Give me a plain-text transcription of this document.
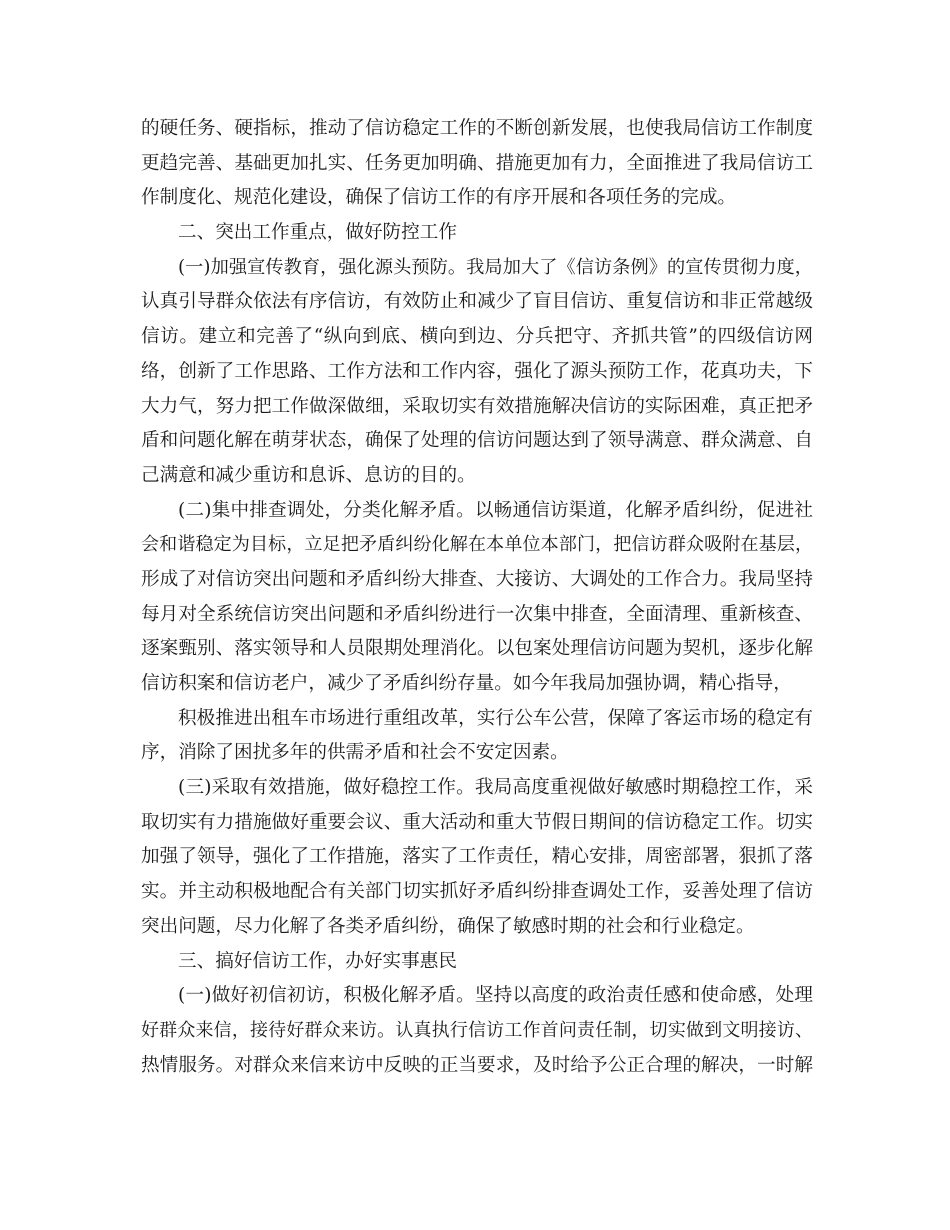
的硬任务、硬指标，推动了信访稳定工作的不断创新发展，也使我局信访工作制度
更趋完善、基础更加扎实、任务更加明确、措施更加有力，全面推进了我局信访工
作制度化、规范化建设，确保了信访工作的有序开展和各项任务的完成。
二、突出工作重点，做好防控工作
(一)加强宣传教育，强化源头预防。我局加大了《信访条例》的宣传贯彻力度，
认真引导群众依法有序信访，有效防止和减少了盲目信访、重复信访和非正常越级
信访。建立和完善了“纵向到底、横向到边、分兵把守、齐抓共管”的四级信访网
络，创新了工作思路、工作方法和工作内容，强化了源头预防工作，花真功夫，下
大力气，努力把工作做深做细，采取切实有效措施解决信访的实际困难，真正把矛
盾和问题化解在萌芽状态，确保了处理的信访问题达到了领导满意、群众满意、自
己满意和减少重访和息诉、息访的目的。
(二)集中排查调处，分类化解矛盾。以畅通信访渠道，化解矛盾纠纷，促进社
会和谐稳定为目标，立足把矛盾纠纷化解在本单位本部门，把信访群众吸附在基层，
形成了对信访突出问题和矛盾纠纷大排查、大接访、大调处的工作合力。我局坚持
每月对全系统信访突出问题和矛盾纠纷进行一次集中排查，全面清理、重新核查、
逐案甄别、落实领导和人员限期处理消化。以包案处理信访问题为契机，逐步化解
信访积案和信访老户，减少了矛盾纠纷存量。如今年我局加强协调，精心指导，
积极推进出租车市场进行重组改革，实行公车公营，保障了客运市场的稳定有
序，消除了困扰多年的供需矛盾和社会不安定因素。
(三)采取有效措施，做好稳控工作。我局高度重视做好敏感时期稳控工作，采
取切实有力措施做好重要会议、重大活动和重大节假日期间的信访稳定工作。切实
加强了领导，强化了工作措施，落实了工作责任，精心安排，周密部署，狠抓了落
实。并主动积极地配合有关部门切实抓好矛盾纠纷排查调处工作，妥善处理了信访
突出问题，尽力化解了各类矛盾纠纷，确保了敏感时期的社会和行业稳定。
三、搞好信访工作，办好实事惠民
(一)做好初信初访，积极化解矛盾。坚持以高度的政治责任感和使命感，处理
好群众来信，接待好群众来访。认真执行信访工作首问责任制，切实做到文明接访、
热情服务。对群众来信来访中反映的正当要求，及时给予公正合理的解决，一时解
